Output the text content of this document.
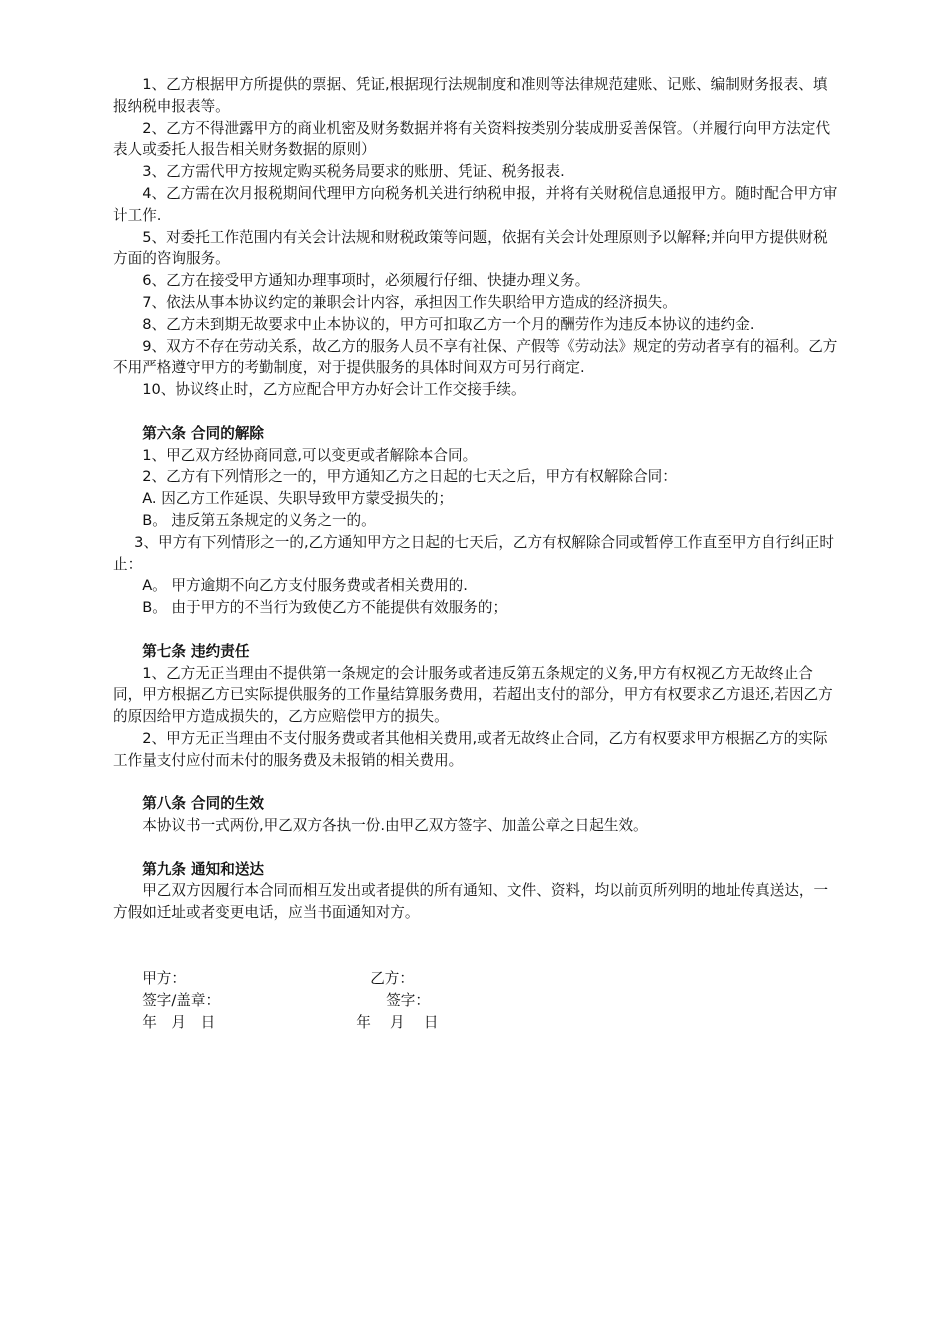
1、乙方根据甲方所提供的票据、凭证,根据现行法规制度和准则等法律规范建账、记账、编制财务报表、填报纳税申报表等。

2、乙方不得泄露甲方的商业机密及财务数据并将有关资料按类别分装成册妥善保管。（并履行向甲方法定代表人或委托人报告相关财务数据的原则）

3、乙方需代甲方按规定购买税务局要求的账册、凭证、税务报表.

4、乙方需在次月报税期间代理甲方向税务机关进行纳税申报，并将有关财税信息通报甲方。随时配合甲方审计工作.

5、对委托工作范围内有关会计法规和财税政策等问题，依据有关会计处理原则予以解释;并向甲方提供财税方面的咨询服务。

6、乙方在接受甲方通知办理事项时，必须履行仔细、快捷办理义务。

7、依法从事本协议约定的兼职会计内容，承担因工作失职给甲方造成的经济损失。

8、乙方未到期无故要求中止本协议的，甲方可扣取乙方一个月的酬劳作为违反本协议的违约金.

9、双方不存在劳动关系，故乙方的服务人员不享有社保、产假等《劳动法》规定的劳动者享有的福利。乙方不用严格遵守甲方的考勤制度，对于提供服务的具体时间双方可另行商定.

10、协议终止时，乙方应配合甲方办好会计工作交接手续。

第六条 合同的解除

1、甲乙双方经协商同意,可以变更或者解除本合同。

2、乙方有下列情形之一的，甲方通知乙方之日起的七天之后，甲方有权解除合同：

A. 因乙方工作延误、失职导致甲方蒙受损失的；

B。 违反第五条规定的义务之一的。

3、甲方有下列情形之一的,乙方通知甲方之日起的七天后，乙方有权解除合同或暂停工作直至甲方自行纠正时止：

A。 甲方逾期不向乙方支付服务费或者相关费用的.

B。 由于甲方的不当行为致使乙方不能提供有效服务的；

第七条 违约责任

1、乙方无正当理由不提供第一条规定的会计服务或者违反第五条规定的义务,甲方有权视乙方无故终止合同，甲方根据乙方已实际提供服务的工作量结算服务费用，若超出支付的部分，甲方有权要求乙方退还,若因乙方的原因给甲方造成损失的，乙方应赔偿甲方的损失。

2、甲方无正当理由不支付服务费或者其他相关费用,或者无故终止合同，乙方有权要求甲方根据乙方的实际工作量支付应付而未付的服务费及未报销的相关费用。

第八条 合同的生效

本协议书一式两份,甲乙双方各执一份.由甲乙双方签字、加盖公章之日起生效。

第九条 通知和送达

甲乙双方因履行本合同而相互发出或者提供的所有通知、文件、资料，均以前页所列明的地址传真送达，一方假如迁址或者变更电话，应当书面通知对方。

甲方：	乙方：
签字/盖章：	签字：
年　月　日	年　 月　 日
